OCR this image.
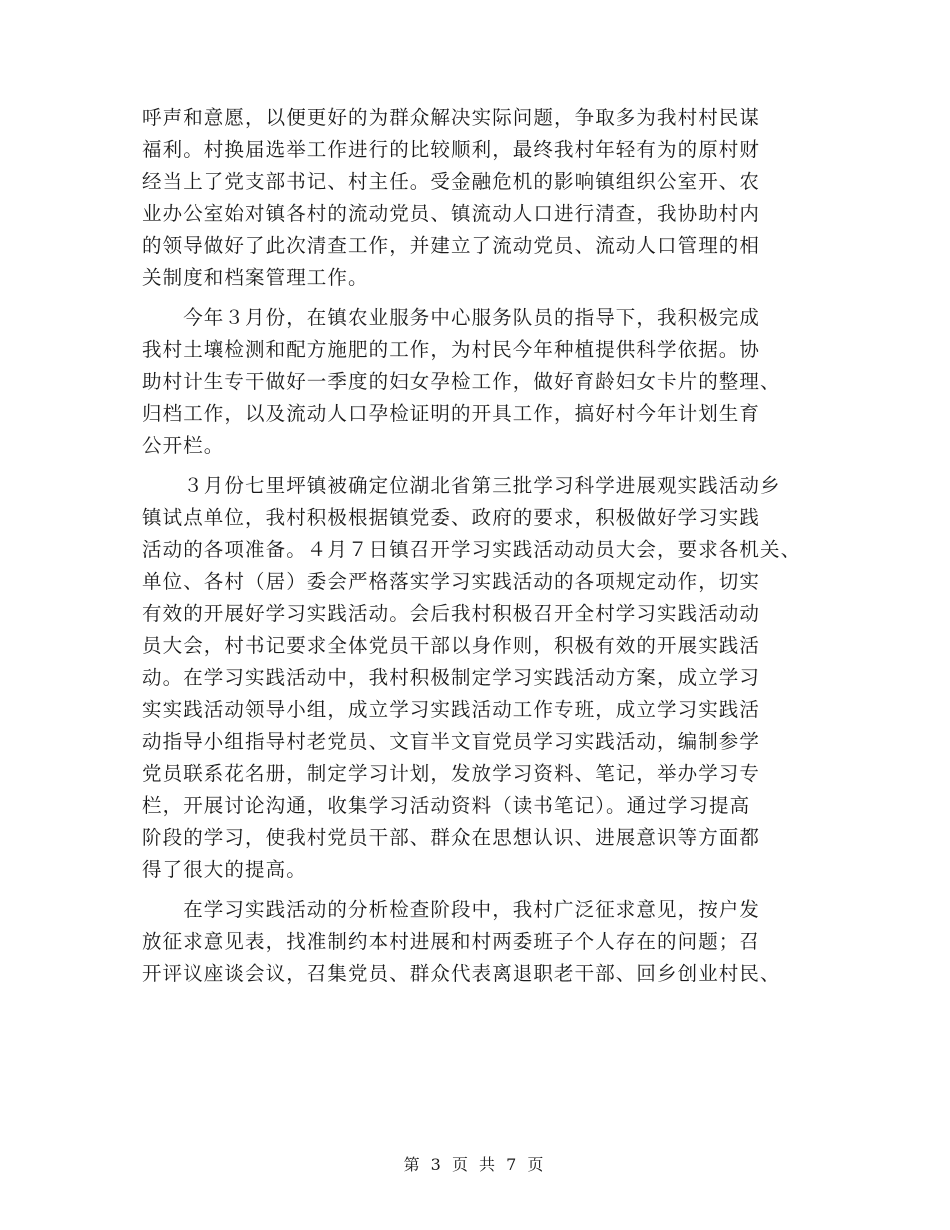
呼声和意愿，以便更好的为群众解决实际问题，争取多为我村村民谋
福利。村换届选举工作进行的比较顺利，最终我村年轻有为的原村财
经当上了党支部书记、村主任。受金融危机的影响镇组织公室开、农
业办公室始对镇各村的流动党员、镇流动人口进行清查，我协助村内
的领导做好了此次清查工作，并建立了流动党员、流动人口管理的相
关制度和档案管理工作。
　　今年３月份，在镇农业服务中心服务队员的指导下，我积极完成
我村土壤检测和配方施肥的工作，为村民今年种植提供科学依据。协
助村计生专干做好一季度的妇女孕检工作，做好育龄妇女卡片的整理、
归档工作，以及流动人口孕检证明的开具工作，搞好村今年计划生育
公开栏。
　　３月份七里坪镇被确定位湖北省第三批学习科学进展观实践活动乡
镇试点单位，我村积极根据镇党委、政府的要求，积极做好学习实践
活动的各项准备。４月７日镇召开学习实践活动动员大会，要求各机关、
单位、各村（居）委会严格落实学习实践活动的各项规定动作，切实
有效的开展好学习实践活动。会后我村积极召开全村学习实践活动动
员大会，村书记要求全体党员干部以身作则，积极有效的开展实践活
动。在学习实践活动中，我村积极制定学习实践活动方案，成立学习
实实践活动领导小组，成立学习实践活动工作专班，成立学习实践活
动指导小组指导村老党员、文盲半文盲党员学习实践活动，编制参学
党员联系花名册，制定学习计划，发放学习资料、笔记，举办学习专
栏，开展讨论沟通，收集学习活动资料（读书笔记）。通过学习提高
阶段的学习，使我村党员干部、群众在思想认识、进展意识等方面都
得了很大的提高。
　　在学习实践活动的分析检查阶段中，我村广泛征求意见，按户发
放征求意见表，找准制约本村进展和村两委班子个人存在的问题；召
开评议座谈会议，召集党员、群众代表离退职老干部、回乡创业村民、
第 3 页 共 7 页
